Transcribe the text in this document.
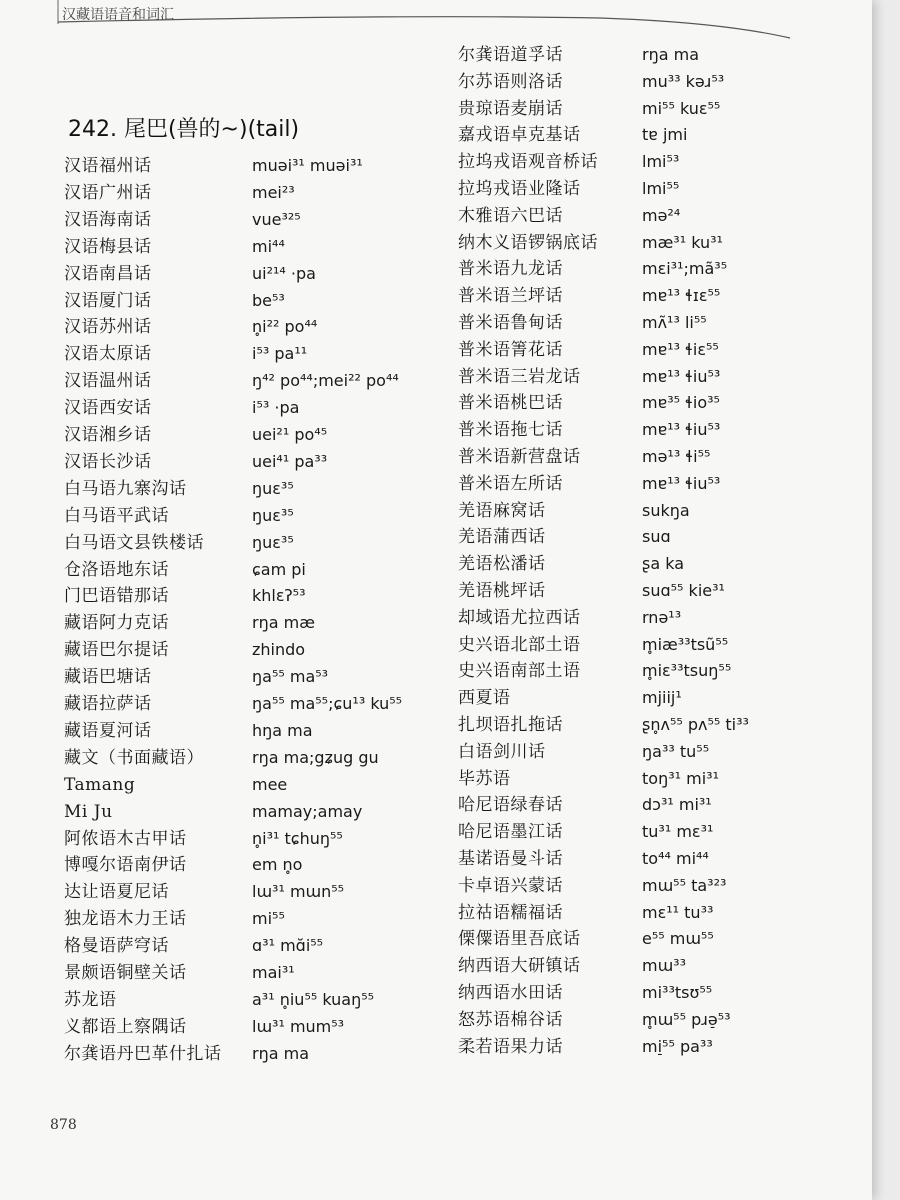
汉藏语语音和词汇
242. 尾巴(兽的~)(tail)
汉语福州话	muəi³¹ muəi³¹
汉语广州话	mei²³
汉语海南话	vue³²⁵
汉语梅县话	mi⁴⁴
汉语南昌话	ui²¹⁴ ·pa
汉语厦门话	be⁵³
汉语苏州话	n̥i²² po⁴⁴
汉语太原话	i⁵³ pa¹¹
汉语温州话	ŋ⁴² po⁴⁴;mei²² po⁴⁴
汉语西安话	i⁵³ ·pa
汉语湘乡话	uei²¹ po⁴⁵
汉语长沙话	uei⁴¹ pa³³
白马语九寨沟话	ŋuɛ³⁵
白马语平武话	ŋuɛ³⁵
白马语文县铁楼话	ŋuɛ³⁵
仓洛语地东话	ɕam pi
门巴语错那话	khlɛʔ⁵³
藏语阿力克话	rŋa mæ
藏语巴尔提话	zhindo
藏语巴塘话	ŋa⁵⁵ ma⁵³
藏语拉萨话	ŋa⁵⁵ ma⁵⁵;ɕu¹³ ku⁵⁵
藏语夏河话	hŋa ma
藏文（书面藏语）	rŋa ma;gʑug gu
Tamang	mee
Mi Ju	mamay;amay
阿侬语木古甲话	n̥i³¹ tɕhuŋ⁵⁵
博嘎尔语南伊话	em n̥o
达让语夏尼话	lɯ³¹ mɯn⁵⁵
独龙语木力王话	mi⁵⁵
格曼语萨穹话	ɑ³¹ mɑ̆i⁵⁵
景颇语铜壁关话	mai³¹
苏龙语	a³¹ n̥iu⁵⁵ kuaŋ⁵⁵
义都语上察隅话	lɯ³¹ mum⁵³
尔龚语丹巴革什扎话 rŋa ma
尔龚语道孚话	rŋa ma
尔苏语则洛话	mu³³ kəɹ⁵³
贵琼语麦崩话	mi⁵⁵ kuɛ⁵⁵
嘉戎语卓克基话	tɐ jmi
拉坞戎语观音桥话	lmi⁵³
拉坞戎语业隆话	lmi⁵⁵
木雅语六巴话	mə²⁴
纳木义语锣锅底话	mæ³¹ ku³¹
普米语九龙话	mɛi³¹;mã³⁵
普米语兰坪话	mɐ¹³ ɬɪɛ⁵⁵
普米语鲁甸话	mʌ̃¹³ li⁵⁵
普米语箐花话	mɐ¹³ ɬiɛ⁵⁵
普米语三岩龙话	mɐ¹³ ɬiu⁵³
普米语桃巴话	mɐ³⁵ ɬio³⁵
普米语拖七话	mɐ¹³ ɬiu⁵³
普米语新营盘话	mə¹³ ɬi⁵⁵
普米语左所话	mɐ¹³ ɬiu⁵³
羌语麻窝话	sukŋa
羌语蒲西话	suɑ
羌语松潘话	ʂa ka
羌语桃坪话	suɑ⁵⁵ kie³¹
却域语尤拉西话	rnə¹³
史兴语北部土语	m̥iæ³³tsũ⁵⁵
史兴语南部土语	m̥iɛ³³tsuŋ⁵⁵
西夏语	mjiij¹
扎坝语扎拖话	ʂn̥ʌ⁵⁵ pʌ⁵⁵ ti³³
白语剑川话	ŋa³³ tu⁵⁵
毕苏语	toŋ³¹ mi³¹
哈尼语绿春话	dɔ³¹ mi³¹
哈尼语墨江话	tu³¹ mɛ³¹
基诺语曼斗话	to⁴⁴ mi⁴⁴
卡卓语兴蒙话	mɯ⁵⁵ ta³²³
拉祜语糯福话	mɛ¹¹ tu³³
傈僳语里吾底话	e⁵⁵ mɯ⁵⁵
纳西语大研镇话	mɯ³³
纳西语水田话	mi³³tsʊ⁵⁵
怒苏语棉谷话	m̥ɯ⁵⁵ pɹə̠⁵³
柔若语果力话	mi̠⁵⁵ pa³³
878
